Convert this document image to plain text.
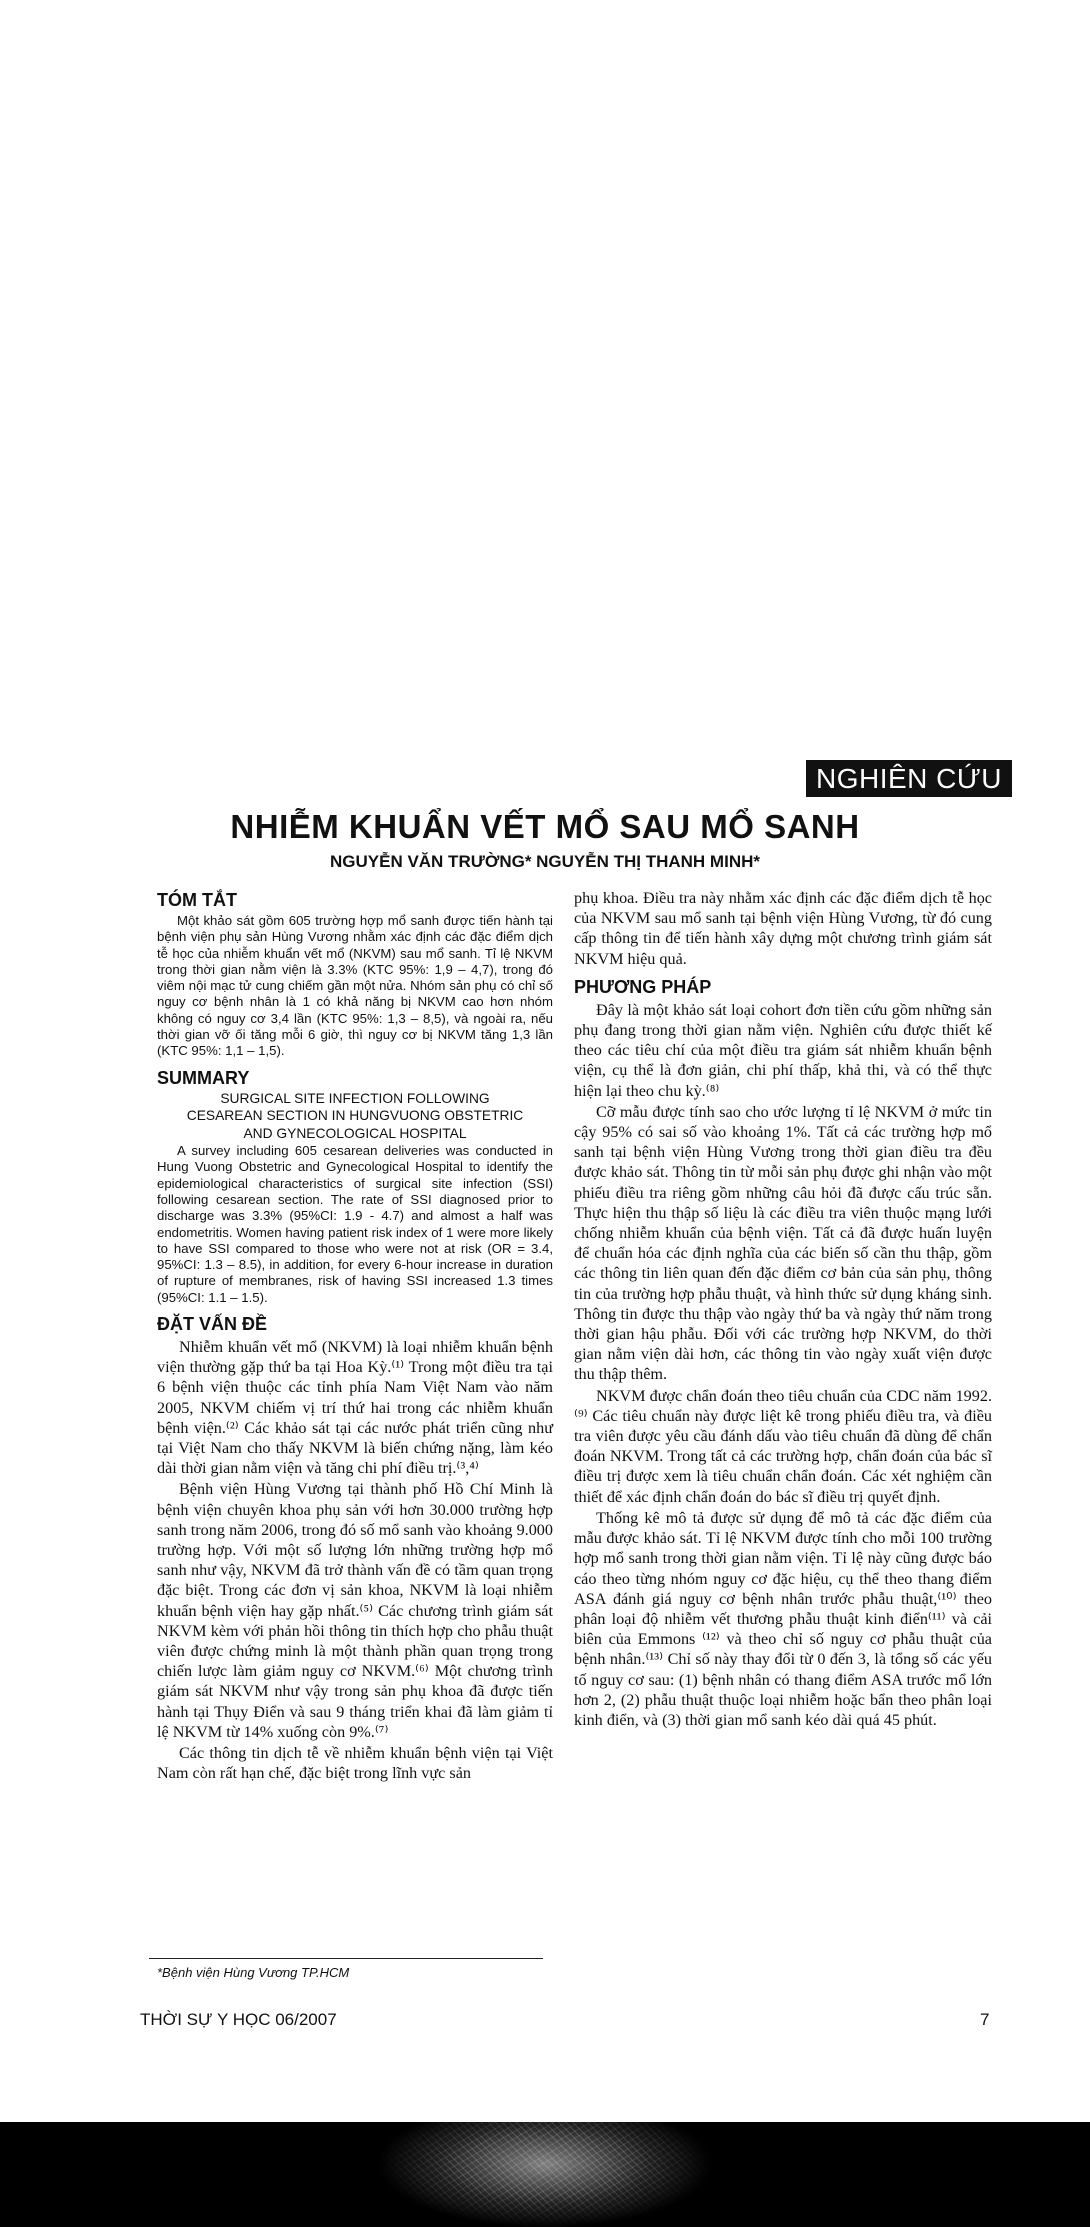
NGHIÊN CỨU
NHIỄM KHUẨN VẾT MỔ SAU MỔ SANH
NGUYỄN VĂN TRƯỜNG* NGUYỄN THỊ THANH MINH*
TÓM TẮT

Một khảo sát gồm 605 trường hợp mổ sanh được tiến hành tại bệnh viện phụ sản Hùng Vương nhằm xác định các đặc điểm dịch tễ học của nhiễm khuẩn vết mổ (NKVM) sau mổ sanh. Tỉ lệ NKVM trong thời gian nằm viện là 3.3% (KTC 95%: 1,9 – 4,7), trong đó viêm nội mạc tử cung chiếm gần một nửa. Nhóm sản phụ có chỉ số nguy cơ bệnh nhân là 1 có khả năng bị NKVM cao hơn nhóm không có nguy cơ 3,4 lần (KTC 95%: 1,3 – 8,5), và ngoài ra, nếu thời gian vỡ ối tăng mỗi 6 giờ, thì nguy cơ bị NKVM tăng 1,3 lần (KTC 95%: 1,1 – 1,5).

SUMMARY
SURGICAL SITE INFECTION FOLLOWING
CESAREAN SECTION IN HUNGVUONG OBSTETRIC
AND GYNECOLOGICAL HOSPITAL

A survey including 605 cesarean deliveries was conducted in Hung Vuong Obstetric and Gynecological Hospital to identify the epidemiological characteristics of surgical site infection (SSI) following cesarean section. The rate of SSI diagnosed prior to discharge was 3.3% (95%CI: 1.9 - 4.7) and almost a half was endometritis. Women having patient risk index of 1 were more likely to have SSI compared to those who were not at risk (OR = 3.4, 95%CI: 1.3 – 8.5), in addition, for every 6-hour increase in duration of rupture of membranes, risk of having SSI increased 1.3 times (95%CI: 1.1 – 1.5).

ĐẶT VẤN ĐỀ

Nhiễm khuẩn vết mổ (NKVM) là loại nhiễm khuẩn bệnh viện thường gặp thứ ba tại Hoa Kỳ.⁽¹⁾ Trong một điều tra tại 6 bệnh viện thuộc các tỉnh phía Nam Việt Nam vào năm 2005, NKVM chiếm vị trí thứ hai trong các nhiễm khuẩn bệnh viện.⁽²⁾ Các khảo sát tại các nước phát triển cũng như tại Việt Nam cho thấy NKVM là biến chứng nặng, làm kéo dài thời gian nằm viện và tăng chi phí điều trị.⁽³,⁴⁾

Bệnh viện Hùng Vương tại thành phố Hồ Chí Minh là bệnh viện chuyên khoa phụ sản với hơn 30.000 trường hợp sanh trong năm 2006, trong đó số mổ sanh vào khoảng 9.000 trường hợp. Với một số lượng lớn những trường hợp mổ sanh như vậy, NKVM đã trở thành vấn đề có tầm quan trọng đặc biệt. Trong các đơn vị sản khoa, NKVM là loại nhiễm khuẩn bệnh viện hay gặp nhất.⁽⁵⁾ Các chương trình giám sát NKVM kèm với phản hồi thông tin thích hợp cho phẫu thuật viên được chứng minh là một thành phần quan trọng trong chiến lược làm giảm nguy cơ NKVM.⁽⁶⁾ Một chương trình giám sát NKVM như vậy trong sản phụ khoa đã được tiến hành tại Thụy Điển và sau 9 tháng triển khai đã làm giảm tỉ lệ NKVM từ 14% xuống còn 9%.⁽⁷⁾

Các thông tin dịch tễ về nhiễm khuẩn bệnh viện tại Việt Nam còn rất hạn chế, đặc biệt trong lĩnh vực sản

phụ khoa. Điều tra này nhằm xác định các đặc điểm dịch tễ học của NKVM sau mổ sanh tại bệnh viện Hùng Vương, từ đó cung cấp thông tin để tiến hành xây dựng một chương trình giám sát NKVM hiệu quả.

PHƯƠNG PHÁP

Đây là một khảo sát loại cohort đơn tiền cứu gồm những sản phụ đang trong thời gian nằm viện. Nghiên cứu được thiết kế theo các tiêu chí của một điều tra giám sát nhiễm khuẩn bệnh viện, cụ thể là đơn giản, chi phí thấp, khả thi, và có thể thực hiện lại theo chu kỳ.⁽⁸⁾

Cỡ mẫu được tính sao cho ước lượng tỉ lệ NKVM ở mức tin cậy 95% có sai số vào khoảng 1%. Tất cả các trường hợp mổ sanh tại bệnh viện Hùng Vương trong thời gian điều tra đều được khảo sát. Thông tin từ mỗi sản phụ được ghi nhận vào một phiếu điều tra riêng gồm những câu hỏi đã được cấu trúc sẵn. Thực hiện thu thập số liệu là các điều tra viên thuộc mạng lưới chống nhiễm khuẩn của bệnh viện. Tất cả đã được huấn luyện để chuẩn hóa các định nghĩa của các biến số cần thu thập, gồm các thông tin liên quan đến đặc điểm cơ bản của sản phụ, thông tin của trường hợp phẫu thuật, và hình thức sử dụng kháng sinh. Thông tin được thu thập vào ngày thứ ba và ngày thứ năm trong thời gian hậu phẫu. Đối với các trường hợp NKVM, do thời gian nằm viện dài hơn, các thông tin vào ngày xuất viện được thu thập thêm.

NKVM được chẩn đoán theo tiêu chuẩn của CDC năm 1992.⁽⁹⁾ Các tiêu chuẩn này được liệt kê trong phiếu điều tra, và điều tra viên được yêu cầu đánh dấu vào tiêu chuẩn đã dùng để chẩn đoán NKVM. Trong tất cả các trường hợp, chẩn đoán của bác sĩ điều trị được xem là tiêu chuẩn chẩn đoán. Các xét nghiệm cần thiết để xác định chẩn đoán do bác sĩ điều trị quyết định.

Thống kê mô tả được sử dụng để mô tả các đặc điểm của mẫu được khảo sát. Tỉ lệ NKVM được tính cho mỗi 100 trường hợp mổ sanh trong thời gian nằm viện. Tỉ lệ này cũng được báo cáo theo từng nhóm nguy cơ đặc hiệu, cụ thể theo thang điểm ASA đánh giá nguy cơ bệnh nhân trước phẫu thuật,⁽¹⁰⁾ theo phân loại độ nhiễm vết thương phẫu thuật kinh điển⁽¹¹⁾ và cải biên của Emmons ⁽¹²⁾ và theo chỉ số nguy cơ phẫu thuật của bệnh nhân.⁽¹³⁾ Chỉ số này thay đổi từ 0 đến 3, là tổng số các yếu tố nguy cơ sau: (1) bệnh nhân có thang điểm ASA trước mổ lớn hơn 2, (2) phẫu thuật thuộc loại nhiễm hoặc bẩn theo phân loại kinh điển, và (3) thời gian mổ sanh kéo dài quá 45 phút.

*Bệnh viện Hùng Vương TP.HCM
THỜI SỰ Y HỌC 06/2007	7
